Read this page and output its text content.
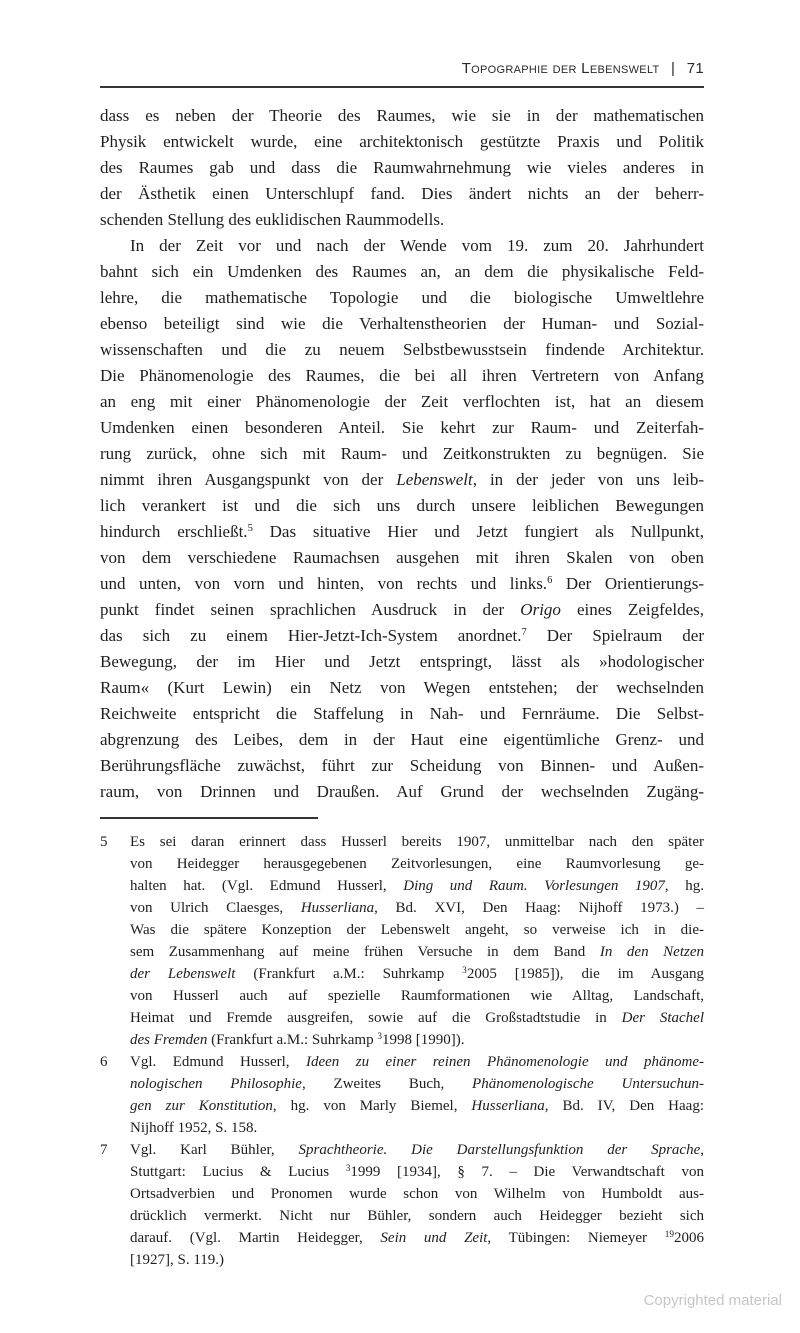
Topographie der Lebenswelt | 71
dass es neben der Theorie des Raumes, wie sie in der mathematischen
Physik entwickelt wurde, eine architektonisch gestützte Praxis und Politik
des Raumes gab und dass die Raumwahrnehmung wie vieles anderes in
der Ästhetik einen Unterschlupf fand. Dies ändert nichts an der beherr-
schenden Stellung des euklidischen Raummodells.
In der Zeit vor und nach der Wende vom 19. zum 20. Jahrhundert
bahnt sich ein Umdenken des Raumes an, an dem die physikalische Feld-
lehre, die mathematische Topologie und die biologische Umweltlehre
ebenso beteiligt sind wie die Verhaltenstheorien der Human- und Sozial-
wissenschaften und die zu neuem Selbstbewusstsein findende Architektur.
Die Phänomenologie des Raumes, die bei all ihren Vertretern von Anfang
an eng mit einer Phänomenologie der Zeit verflochten ist, hat an diesem
Umdenken einen besonderen Anteil. Sie kehrt zur Raum- und Zeiterfah-
rung zurück, ohne sich mit Raum- und Zeitkonstrukten zu begnügen. Sie
nimmt ihren Ausgangspunkt von der Lebenswelt, in der jeder von uns leib-
lich verankert ist und die sich uns durch unsere leiblichen Bewegungen
hindurch erschließt.$^5$ Das situative Hier und Jetzt fungiert als Nullpunkt,
von dem verschiedene Raumachsen ausgehen mit ihren Skalen von oben
und unten, von vorn und hinten, von rechts und links.$^6$ Der Orientierungs-
punkt findet seinen sprachlichen Ausdruck in der Origo eines Zeigfeldes,
das sich zu einem Hier-Jetzt-Ich-System anordnet.$^7$ Der Spielraum der
Bewegung, der im Hier und Jetzt entspringt, lässt als »hodologischer
Raum« (Kurt Lewin) ein Netz von Wegen entstehen; der wechselnden
Reichweite entspricht die Staffelung in Nah- und Fernräume. Die Selbst-
abgrenzung des Leibes, dem in der Haut eine eigentümliche Grenz- und
Berührungsfläche zuwächst, führt zur Scheidung von Binnen- und Außen-
raum, von Drinnen und Draußen. Auf Grund der wechselnden Zugäng-
5	Es sei daran erinnert dass Husserl bereits 1907, unmittelbar nach den später
von Heidegger herausgegebenen Zeitvorlesungen, eine Raumvorlesung ge-
halten hat. (Vgl. Edmund Husserl, Ding und Raum. Vorlesungen 1907, hg.
von Ulrich Claesges, Husserliana, Bd. XVI, Den Haag: Nijhoff 1973.) –
Was die spätere Konzeption der Lebenswelt angeht, so verweise ich in die-
sem Zusammenhang auf meine frühen Versuche in dem Band In den Netzen
der Lebenswelt (Frankfurt a.M.: Suhrkamp $^3$2005 [1985]), die im Ausgang
von Husserl auch auf spezielle Raumformationen wie Alltag, Landschaft,
Heimat und Fremde ausgreifen, sowie auf die Großstadtstudie in Der Stachel
des Fremden (Frankfurt a.M.: Suhrkamp $^3$1998 [1990]).
6	Vgl. Edmund Husserl, Ideen zu einer reinen Phänomenologie und phänome-
nologischen Philosophie, Zweites Buch, Phänomenologische Untersuchun-
gen zur Konstitution, hg. von Marly Biemel, Husserliana, Bd. IV, Den Haag:
Nijhoff 1952, S. 158.
7	Vgl. Karl Bühler, Sprachtheorie. Die Darstellungsfunktion der Sprache,
Stuttgart: Lucius & Lucius $^3$1999 [1934], § 7. – Die Verwandtschaft von
Ortsadverbien und Pronomen wurde schon von Wilhelm von Humboldt aus-
drücklich vermerkt. Nicht nur Bühler, sondern auch Heidegger bezieht sich
darauf. (Vgl. Martin Heidegger, Sein und Zeit, Tübingen: Niemeyer $^{19}$2006
[1927], S. 119.)
Copyrighted material
